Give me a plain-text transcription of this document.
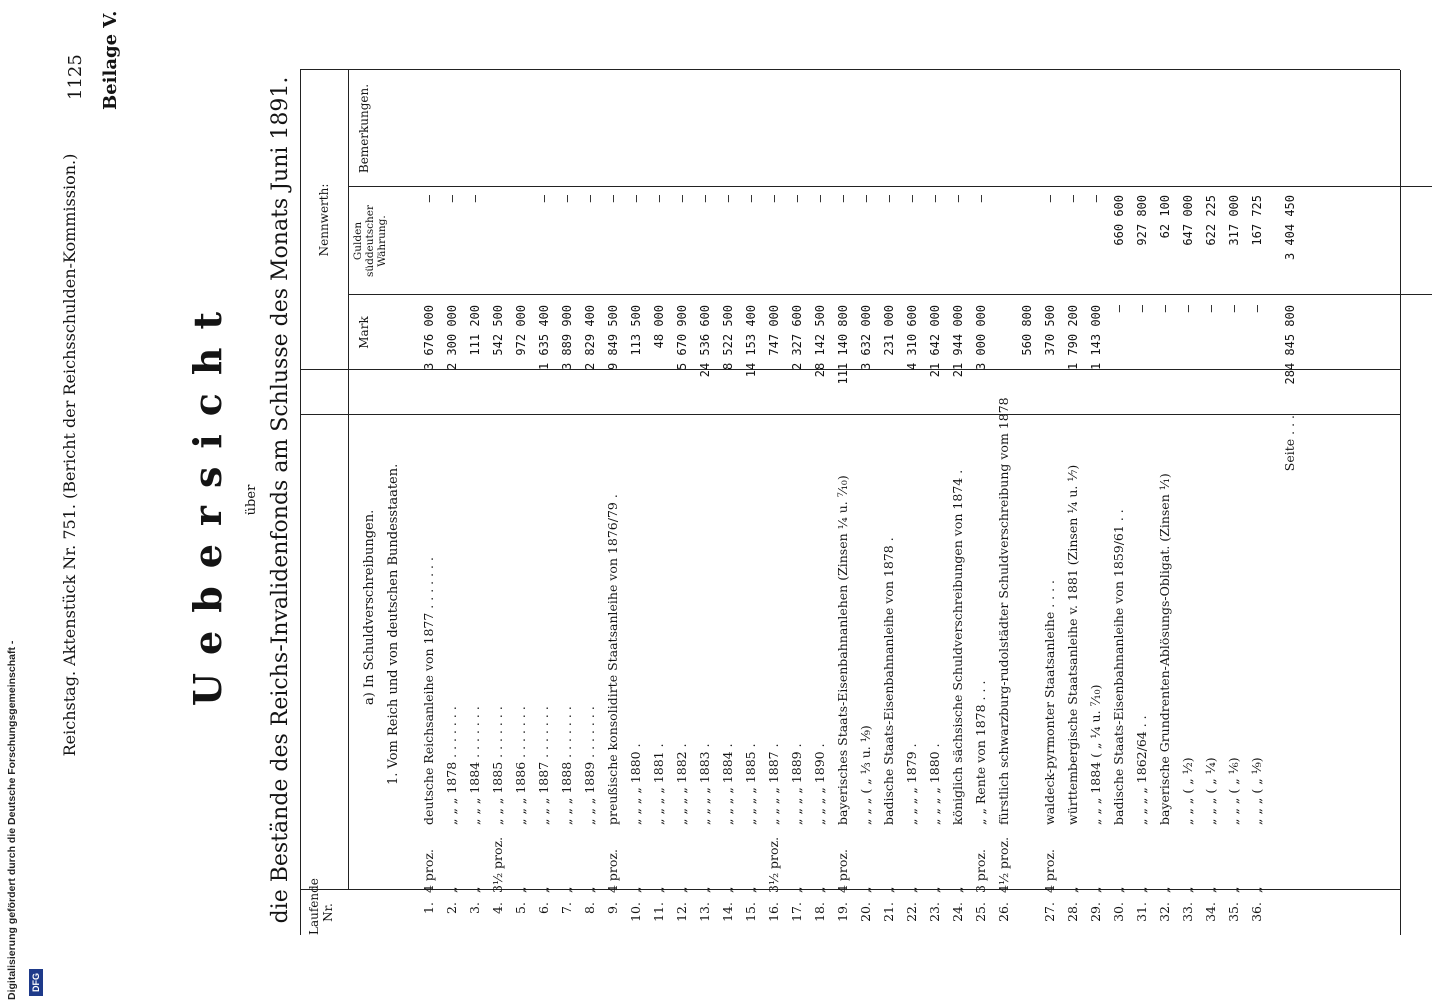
1125
Reichstag. Aktenstück Nr. 751. (Bericht der Reichsschulden-Kommission.)
Beilage V.
Uebersicht über die Bestände des Reichs-Invalidenfonds am Schlusse des Monats Juni 1891. Laufende Nr.
Nennwerth:
Mark
Gulden süddeutscher Währung.
Bemerkungen.
a) In Schuldverschreibungen. 1. Vom Reich und von deutschen Bundesstaaten.
1.
4 proz.
deutsche Reichsanleihe von 1877 . . . . . . .
3 676 000
—
2.
„
„ „ „ 1878 . . . . . . .
2 300 000
—
3.
„
„ „ „ 1884 . . . . . . .
111 200
—
4.
3½ proz.
„ „ „ 1885 . . . . . . .
542 500
5.
„
„ „ „ 1886 . . . . . . .
972 000
6.
„
„ „ „ 1887 . . . . . . .
1 635 400
—
7.
„
„ „ „ 1888 . . . . . . .
3 889 900
—
8.
„
„ „ „ 1889 . . . . . . .
2 829 400
—
9.
4 proz.
preußische konsolidirte Staatsanleihe von 1876/79 .
9 849 500
—
10.
„
„ „ „ „ 1880 .
113 500
—
11.
„
„ „ „ „ 1881 .
48 000
—
12.
„
„ „ „ „ 1882 .
5 670 900
—
13.
„
„ „ „ „ 1883 .
24 536 600
—
14.
„
„ „ „ „ 1884 .
8 522 500
—
15.
„
„ „ „ „ 1885 .
14 153 400
—
16.
3½ proz.
„ „ „ „ 1887 .
747 000
—
17.
„
„ „ „ „ 1889 .
2 327 600
—
18.
„
„ „ „ „ 1890 .
28 142 500
—
19.
4 proz.
bayerisches Staats-Eisenbahnanlehen (Zinsen ¼ u. ⁷⁄₁₀)
111 140 800
—
20.
„
„ „ „ ( „ ¹⁄₃ u. ¹⁄₉)
3 632 000
—
21.
„
badische Staats-Eisenbahnanleihe von 1878 .
231 000
—
22.
„
„ „ „ „ 1879 .
4 310 600
—
23.
„
„ „ „ „ 1880 .
21 642 000
—
24.
„
königlich sächsische Schuldverschreibungen von 1874 .
21 944 000
—
25.
3 proz.
„ „ Rente von 1878 . . .
3 000 000
—
26.
4½ proz.
fürstlich schwarzburg-rudolstädter Schuldverschreibung vom 1878
560 800
27.
4 proz.
waldeck-pyrmonter Staatsanleihe . . . .
370 500
—
28.
„
württembergische Staatsanleihe v. 1881 (Zinsen ¹⁄₄ u. ¹⁄₇)
1 790 200
—
29.
„
„ „ „ 1884 ( „ ¹⁄₄ u. ⁷⁄₁₀)
1 143 000
—
30.
„
badische Staats-Eisenbahnanleihe von 1859/61 . .
—
660 600
31.
„
„ „ „ „ 1862/64 . .
—
927 800
32.
„
bayerische Grundrenten-Ablösungs-Obligat. (Zinsen ¹⁄₁)
—
62 100
33.
„
„ „ „ ( „ ¹⁄₂)
—
647 000
34.
„
„ „ „ ( „ ¹⁄₄)
—
622 225
35.
„
„ „ „ ( „ ¹⁄₆)
—
317 000
36.
„
„ „ „ ( „ ¹⁄₉)
—
167 725
Seite . . .
284 845 800
3 404 450
Digitalisierung gefördert durch die Deutsche Forschungsgemeinschaft - DFG
